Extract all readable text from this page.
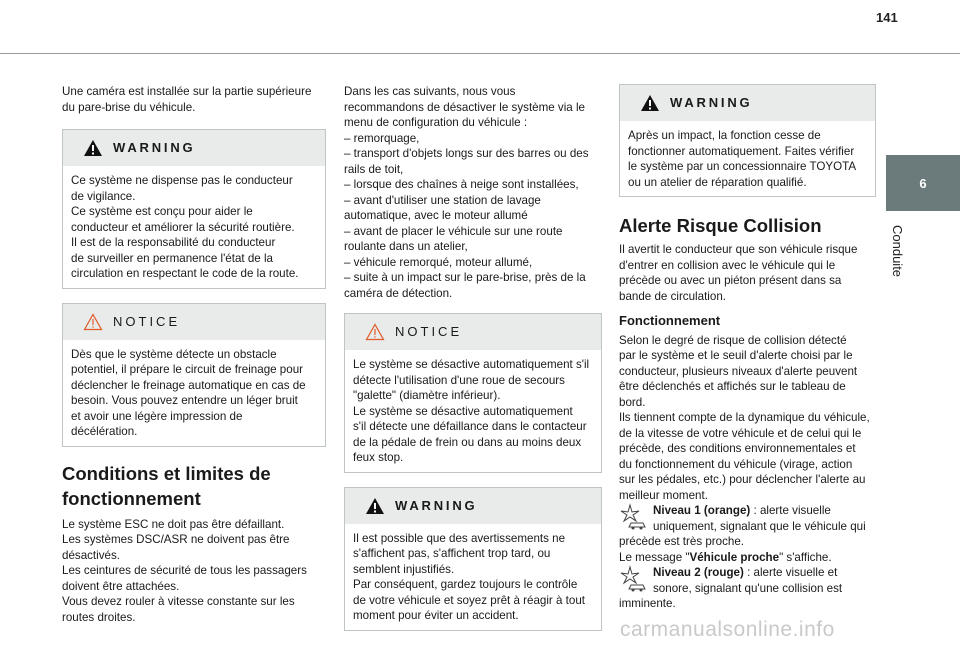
141
6
Conduite

Une caméra est installée sur la partie supérieure
du pare-brise du véhicule.

WARNING
Ce système ne dispense pas le conducteur
de vigilance.
Ce système est conçu pour aider le
conducteur et améliorer la sécurité routière.
Il est de la responsabilité du conducteur
de surveiller en permanence l'état de la
circulation en respectant le code de la route.
NOTICE
Dès que le système détecte un obstacle
potentiel, il prépare le circuit de freinage pour
déclencher le freinage automatique en cas de
besoin. Vous pouvez entendre un léger bruit
et avoir une légère impression de
décélération.
Conditions et limites de
fonctionnement

Le système ESC ne doit pas être défaillant.
Les systèmes DSC/ASR ne doivent pas être
désactivés.
Les ceintures de sécurité de tous les passagers
doivent être attachées.
Vous devez rouler à vitesse constante sur les
routes droites.

Dans les cas suivants, nous vous
recommandons de désactiver le système via le
menu de configuration du véhicule :
– remorquage,
– transport d'objets longs sur des barres ou des
rails de toit,
– lorsque des chaînes à neige sont installées,
– avant d'utiliser une station de lavage
automatique, avec le moteur allumé
– avant de placer le véhicule sur une route
roulante dans un atelier,
– véhicule remorqué, moteur allumé,
– suite à un impact sur le pare-brise, près de la
caméra de détection.

NOTICE
Le système se désactive automatiquement s'il
détecte l'utilisation d'une roue de secours
"galette" (diamètre inférieur).
Le système se désactive automatiquement
s'il détecte une défaillance dans le contacteur
de la pédale de frein ou dans au moins deux
feux stop.
WARNING
Il est possible que des avertissements ne
s'affichent pas, s'affichent trop tard, ou
semblent injustifiés.
Par conséquent, gardez toujours le contrôle
de votre véhicule et soyez prêt à réagir à tout
moment pour éviter un accident.
WARNING
Après un impact, la fonction cesse de
fonctionner automatiquement. Faites vérifier
le système par un concessionnaire TOYOTA
ou un atelier de réparation qualifié.
Alerte Risque Collision

Il avertit le conducteur que son véhicule risque
d'entrer en collision avec le véhicule qui le
précède ou avec un piéton présent dans sa
bande de circulation.

Fonctionnement

Selon le degré de risque de collision détecté
par le système et le seuil d'alerte choisi par le
conducteur, plusieurs niveaux d'alerte peuvent
être déclenchés et affichés sur le tableau de
bord.
Ils tiennent compte de la dynamique du véhicule,
de la vitesse de votre véhicule et de celui qui le
précède, des conditions environnementales et
du fonctionnement du véhicule (virage, action
sur les pédales, etc.) pour déclencher l'alerte au
meilleur moment.

Niveau 1 (orange) : alerte visuelle
uniquement, signalant que le véhicule qui

précède est très proche.
Le message "Véhicule proche" s'affiche.

Niveau 2 (rouge) : alerte visuelle et
sonore, signalant qu'une collision est

imminente.

carmanualsonline.info
